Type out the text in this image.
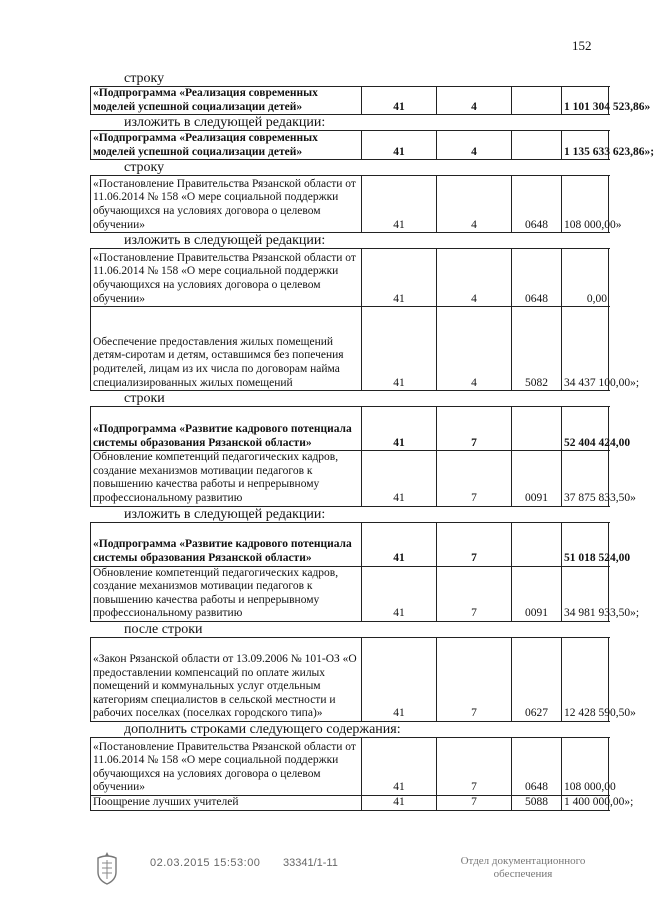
152
строку
«Подпрограмма «Реализация современных моделей успешной социализации детей»	41	4		1 101 304 523,86»
изложить в следующей редакции:
«Подпрограмма «Реализация современных моделей успешной социализации детей»	41	4		1 135 633 623,86»;
строку
«Постановление Правительства Рязанской области от 11.06.2014 № 158 «О мере социальной поддержки обучающихся на условиях договора о целевом обучении»	41	4	0648	108 000,00»
изложить в следующей редакции:
«Постановление Правительства Рязанской области от 11.06.2014 № 158 «О мере социальной поддержки обучающихся на условиях договора о целевом обучении»	41	4	0648	0,00
Обеспечение предоставления жилых помещений детям-сиротам и детям, оставшимся без попечения родителей, лицам из их числа по договорам найма специализированных жилых помещений	41	4	5082	34 437 100,00»;
строки
«Подпрограмма «Развитие кадрового потенциала системы образования Рязанской области»	41	7		52 404 424,00
Обновление компетенций педагогических кадров, создание механизмов мотивации педагогов к повышению качества работы и непрерывному профессиональному развитию	41	7	0091	37 875 833,50»
изложить в следующей редакции:
«Подпрограмма «Развитие кадрового потенциала системы образования Рязанской области»	41	7		51 018 524,00
Обновление компетенций педагогических кадров, создание механизмов мотивации педагогов к повышению качества работы и непрерывному профессиональному развитию	41	7	0091	34 981 933,50»;
после строки
«Закон Рязанской области от 13.09.2006 № 101-ОЗ «О предоставлении компенсаций по оплате жилых помещений и коммунальных услуг отдельным категориям специалистов в сельской местности и рабочих поселках (поселках городского типа)»	41	7	0627	12 428 590,50»
дополнить строками следующего содержания:
«Постановление Правительства Рязанской области от 11.06.2014 № 158 «О мере социальной поддержки обучающихся на условиях договора о целевом обучении»	41	7	0648	108 000,00
Поощрение лучших учителей	41	7	5088	1 400 000,00»;
02.03.2015 15:53:00 33341/1-11	Отдел документационного обеспечения
